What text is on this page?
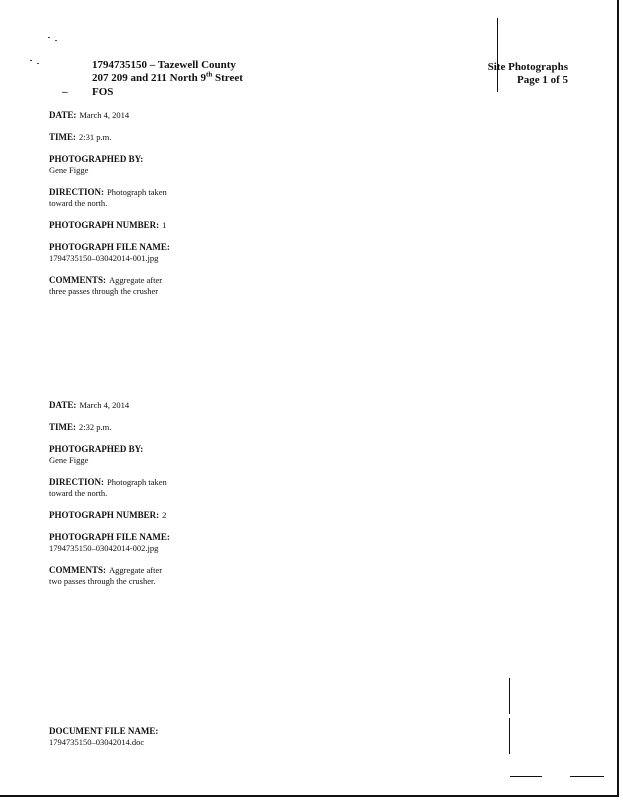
1794735150 – Tazewell County
207 209 and 211 North 9th Street
– FOS
Site Photographs
Page 1 of 5
DATE: March 4, 2014
TIME: 2:31 p.m.
PHOTOGRAPHED BY:
Gene Figge
DIRECTION: Photograph taken
toward the north.
PHOTOGRAPH NUMBER: 1
PHOTOGRAPH FILE NAME:
1794735150–03042014-001.jpg
COMMENTS: Aggregate after
three passes through the crusher
DATE: March 4, 2014
TIME: 2:32 p.m.
PHOTOGRAPHED BY:
Gene Figge
DIRECTION: Photograph taken
toward the north.
PHOTOGRAPH NUMBER: 2
PHOTOGRAPH FILE NAME:
1794735150–03042014-002.jpg
COMMENTS: Aggregate after
two passes through the crusher.
DOCUMENT FILE NAME:
1794735150–03042014.doc
